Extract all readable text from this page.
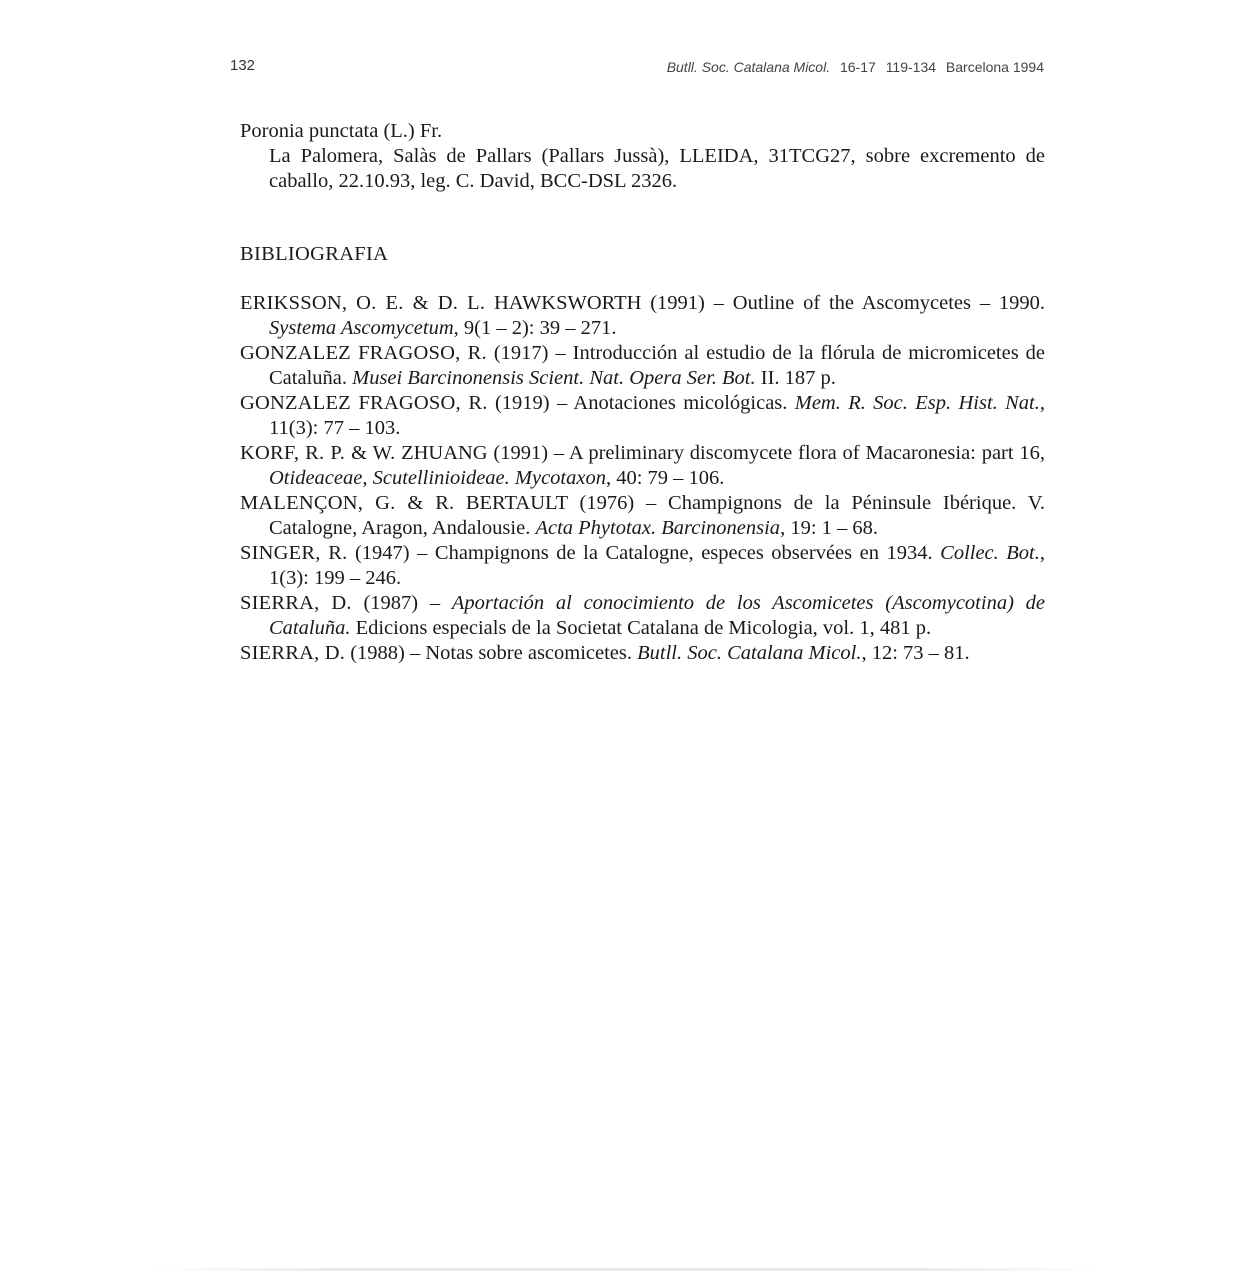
132	Butll. Soc. Catalana Micol. 16-17 119-134 Barcelona 1994
Poronia punctata (L.) Fr.
La Palomera, Salàs de Pallars (Pallars Jussà), LLEIDA, 31TCG27, sobre excremento de caballo, 22.10.93, leg. C. David, BCC-DSL 2326.
BIBLIOGRAFIA
ERIKSSON, O. E. & D. L. HAWKSWORTH (1991) – Outline of the Ascomycetes – 1990. Systema Ascomycetum, 9(1 – 2): 39 – 271.
GONZALEZ FRAGOSO, R. (1917) – Introducción al estudio de la flórula de micromicetes de Cataluña. Musei Barcinonensis Scient. Nat. Opera Ser. Bot. II. 187 p.
GONZALEZ FRAGOSO, R. (1919) – Anotaciones micológicas. Mem. R. Soc. Esp. Hist. Nat., 11(3): 77 – 103.
KORF, R. P. & W. ZHUANG (1991) – A preliminary discomycete flora of Macaronesia: part 16, Otideaceae, Scutellinioideae. Mycotaxon, 40: 79 – 106.
MALENÇON, G. & R. BERTAULT (1976) – Champignons de la Péninsule Ibérique. V. Catalogne, Aragon, Andalousie. Acta Phytotax. Barcinonensia, 19: 1 – 68.
SINGER, R. (1947) – Champignons de la Catalogne, especes observées en 1934. Collec. Bot., 1(3): 199 – 246.
SIERRA, D. (1987) – Aportación al conocimiento de los Ascomicetes (Ascomycotina) de Cataluña. Edicions especials de la Societat Catalana de Micologia, vol. 1, 481 p.
SIERRA, D. (1988) – Notas sobre ascomicetes. Butll. Soc. Catalana Micol., 12: 73 – 81.
